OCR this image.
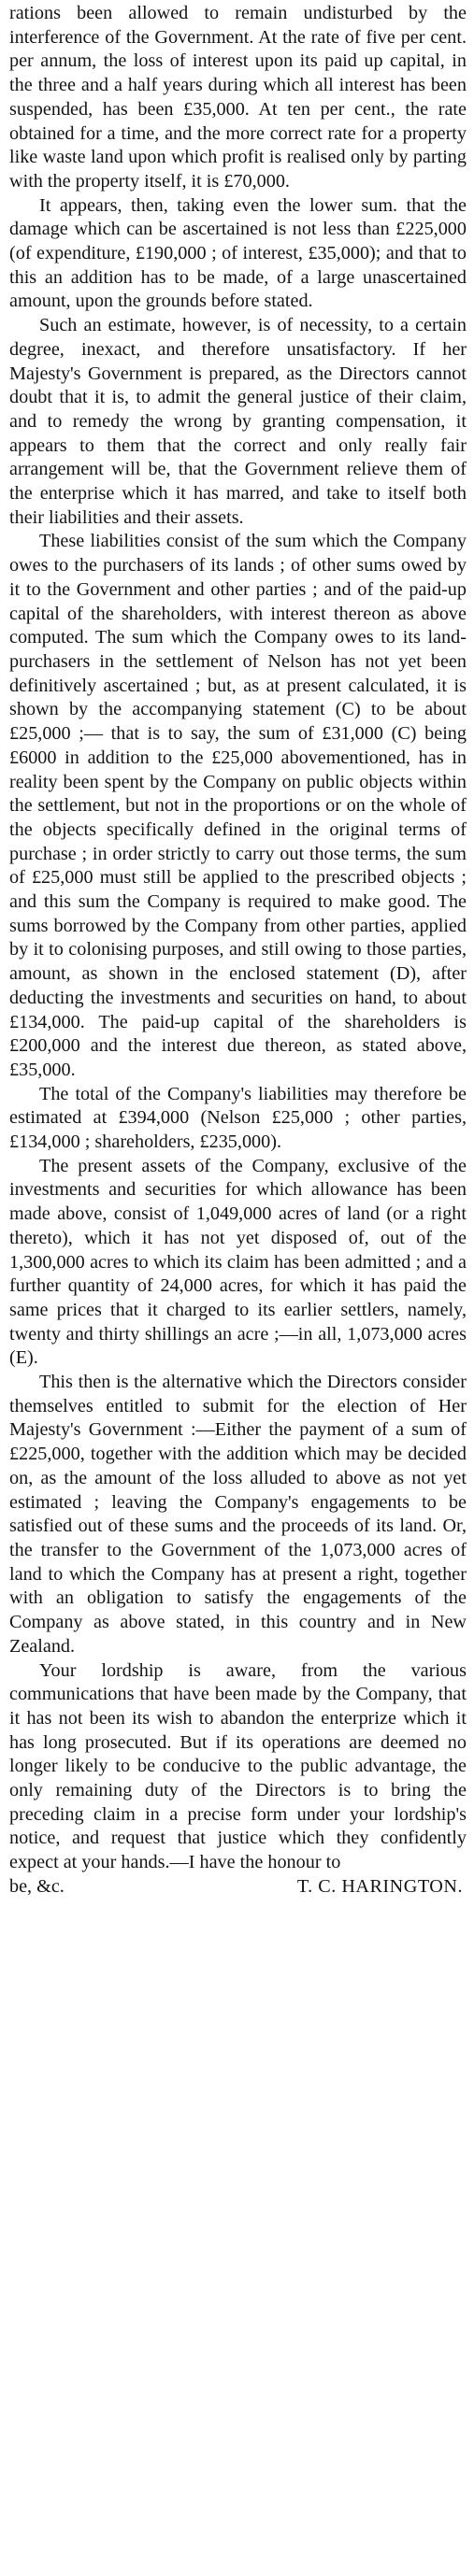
rations been allowed to remain undisturbed by the interference of the Government. At the rate of five per cent. per annum, the loss of interest upon its paid up capital, in the three and a half years during which all interest has been suspended, has been £35,000. At ten per cent., the rate obtained for a time, and the more correct rate for a property like waste land upon which profit is realised only by parting with the property itself, it is £70,000.

It appears, then, taking even the lower sum. that the damage which can be ascertained is not less than £225,000 (of expenditure, £190,000 ; of interest, £35,000); and that to this an addition has to be made, of a large unascertained amount, upon the grounds before stated.

Such an estimate, however, is of necessity, to a certain degree, inexact, and therefore unsatisfactory. If her Majesty's Government is prepared, as the Directors cannot doubt that it is, to admit the general justice of their claim, and to remedy the wrong by granting compensation, it appears to them that the correct and only really fair arrangement will be, that the Government relieve them of the enterprise which it has marred, and take to itself both their liabilities and their assets.

These liabilities consist of the sum which the Company owes to the purchasers of its lands ; of other sums owed by it to the Government and other parties ; and of the paid-up capital of the shareholders, with interest thereon as above computed. The sum which the Company owes to its land-purchasers in the settlement of Nelson has not yet been definitively ascertained ; but, as at present calculated, it is shown by the accompanying statement (C) to be about £25,000 ;— that is to say, the sum of £31,000 (C) being £6000 in addition to the £25,000 abovementioned, has in reality been spent by the Company on public objects within the settlement, but not in the proportions or on the whole of the objects specifically defined in the original terms of purchase ; in order strictly to carry out those terms, the sum of £25,000 must still be applied to the prescribed objects ; and this sum the Company is required to make good. The sums borrowed by the Company from other parties, applied by it to colonising purposes, and still owing to those parties, amount, as shown in the enclosed statement (D), after deducting the investments and securities on hand, to about £134,000. The paid-up capital of the shareholders is £200,000 and the interest due thereon, as stated above, £35,000.

The total of the Company's liabilities may therefore be estimated at £394,000 (Nelson £25,000 ; other parties, £134,000 ; shareholders, £235,000).

The present assets of the Company, exclusive of the investments and securities for which allowance has been made above, consist of 1,049,000 acres of land (or a right thereto), which it has not yet disposed of, out of the 1,300,000 acres to which its claim has been admitted ; and a further quantity of 24,000 acres, for which it has paid the same prices that it charged to its earlier settlers, namely, twenty and thirty shillings an acre ;—in all, 1,073,000 acres (E).

This then is the alternative which the Directors consider themselves entitled to submit for the election of Her Majesty's Government :—Either the payment of a sum of £225,000, together with the addition which may be decided on, as the amount of the loss alluded to above as not yet estimated ; leaving the Company's engagements to be satisfied out of these sums and the proceeds of its land. Or, the transfer to the Government of the 1,073,000 acres of land to which the Company has at present a right, together with an obligation to satisfy the engagements of the Company as above stated, in this country and in New Zealand.

Your lordship is aware, from the various communications that have been made by the Company, that it has not been its wish to abandon the enterprize which it has long prosecuted. But if its operations are deemed no longer likely to be conducive to the public advantage, the only remaining duty of the Directors is to bring the preceding claim in a precise form under your lordship's notice, and request that justice which they confidently expect at your hands.—I have the honour to

be, &c.	T. C. HARINGTON.
